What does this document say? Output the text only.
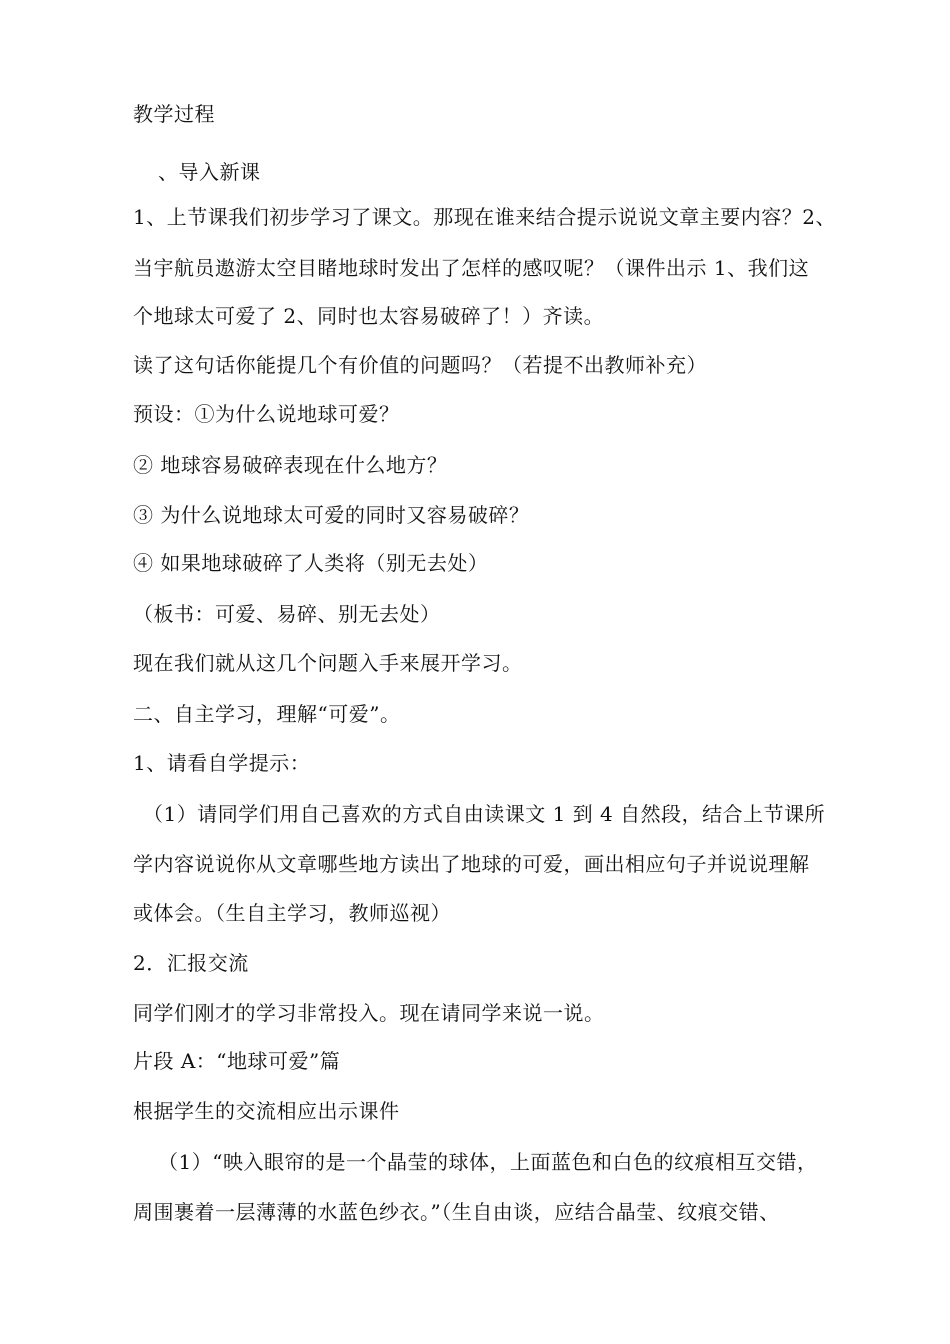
教学过程
、导入新课
1、上节课我们初步学习了课文。那现在谁来结合提示说说文章主要内容？2、
当宇航员遨游太空目睹地球时发出了怎样的感叹呢？（课件出示 1、我们这
个地球太可爱了 2、同时也太容易破碎了！）齐读。
读了这句话你能提几个有价值的问题吗？（若提不出教师补充）
预设：①为什么说地球可爱？
② 地球容易破碎表现在什么地方？
③ 为什么说地球太可爱的同时又容易破碎？
④ 如果地球破碎了人类将（别无去处）
（板书：可爱、易碎、别无去处）
现在我们就从这几个问题入手来展开学习。
二、自主学习，理解“可爱”。
1、请看自学提示：
（1）请同学们用自己喜欢的方式自由读课文 1 到 4 自然段，结合上节课所
学内容说说你从文章哪些地方读出了地球的可爱，画出相应句子并说说理解
或体会。（生自主学习，教师巡视）
2．汇报交流
同学们刚才的学习非常投入。现在请同学来说一说。
片段 A：“地球可爱”篇
根据学生的交流相应出示课件
（1）“映入眼帘的是一个晶莹的球体，上面蓝色和白色的纹痕相互交错，
周围裹着一层薄薄的水蓝色纱衣。”（生自由谈，应结合晶莹、纹痕交错、
